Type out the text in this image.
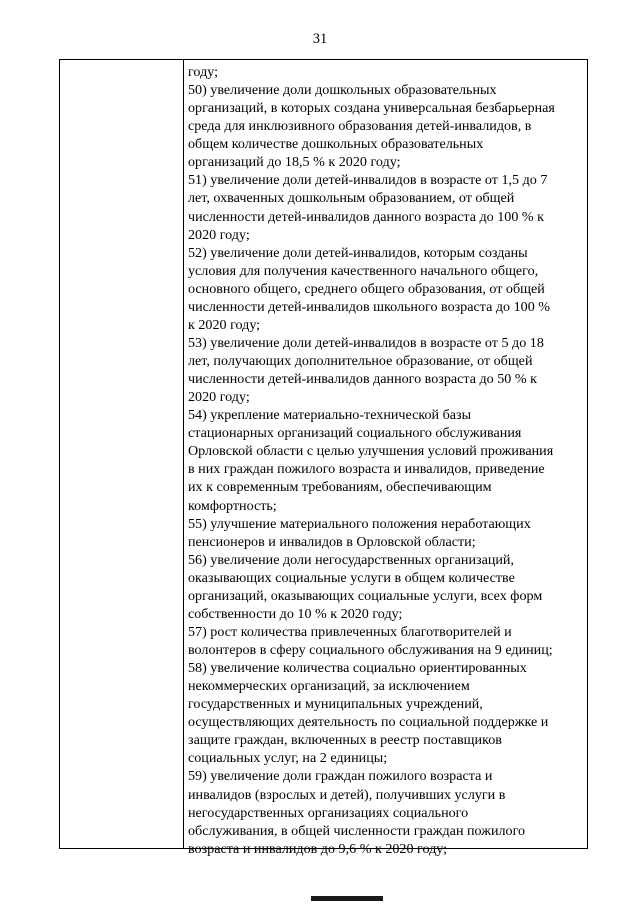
31
году;
50) увеличение доли дошкольных образовательных
организаций, в которых создана универсальная безбарьерная
среда для инклюзивного образования детей-инвалидов, в
общем количестве дошкольных образовательных
организаций до 18,5 % к 2020 году;
51) увеличение доли детей-инвалидов в возрасте от 1,5 до 7
лет, охваченных дошкольным образованием, от общей
численности детей-инвалидов данного возраста до 100 % к
2020 году;
52) увеличение доли детей-инвалидов, которым созданы
условия для получения качественного начального общего,
основного общего, среднего общего образования, от общей
численности детей-инвалидов школьного возраста до 100 %
к 2020 году;
53) увеличение доли детей-инвалидов в возрасте от 5 до 18
лет, получающих дополнительное образование, от общей
численности детей-инвалидов данного возраста до 50 % к
2020 году;
54) укрепление материально-технической базы
стационарных организаций социального обслуживания
Орловской области с целью улучшения условий проживания
в них граждан пожилого возраста и инвалидов, приведение
их к современным требованиям, обеспечивающим
комфортность;
55) улучшение материального положения неработающих
пенсионеров и инвалидов в Орловской области;
56) увеличение доли негосударственных организаций,
оказывающих социальные услуги в общем количестве
организаций, оказывающих социальные услуги, всех форм
собственности до 10 % к 2020 году;
57) рост количества привлеченных благотворителей и
волонтеров в сферу социального обслуживания на 9 единиц;
58) увеличение количества социально ориентированных
некоммерческих организаций, за исключением
государственных и муниципальных учреждений,
осуществляющих деятельность по социальной поддержке и
защите граждан, включенных в реестр поставщиков
социальных услуг, на 2 единицы;
59) увеличение доли граждан пожилого возраста и
инвалидов (взрослых и детей), получивших услуги в
негосударственных организациях социального
обслуживания, в общей численности граждан пожилого
возраста и инвалидов до 9,6 % к 2020 году;
